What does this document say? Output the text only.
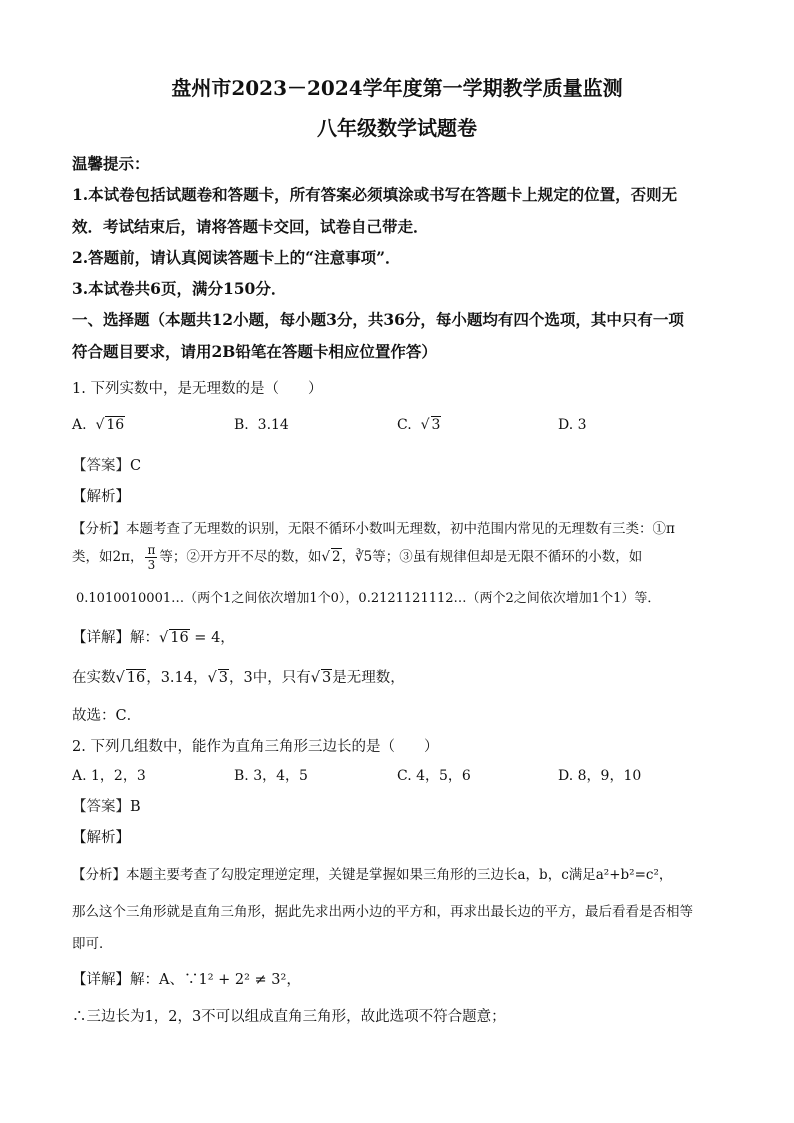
盘州市2023－2024学年度第一学期教学质量监测
八年级数学试题卷
温馨提示：
1.本试卷包括试题卷和答题卡，所有答案必须填涂或书写在答题卡上规定的位置，否则无
效．考试结束后，请将答题卡交回，试卷自己带走．
2.答题前，请认真阅读答题卡上的“注意事项”．
3.本试卷共6页，满分150分．
一、选择题（本题共12小题，每小题3分，共36分，每小题均有四个选项，其中只有一项
符合题目要求，请用2B铅笔在答题卡相应位置作答）
1. 下列实数中，是无理数的是（　　）
A.  √ 16	B. 3.14	C.  √ 3	D. 3
【答案】C
【解析】
【分析】本题考查了无理数的识别，无限不循环小数叫无理数，初中范围内常见的无理数有三类：①π
类，如2π， $\frac{\pi}{3}$ 等；②开方开不尽的数，如√ 2，∛5等；③虽有规律但却是无限不循环的小数，如
0.1010010001…（两个1之间依次增加1个0），0.2121121112…（两个2之间依次增加1个1）等．
【详解】解：√ 16 = 4，
在实数√ 16，3.14，√ 3，3中，只有√ 3是无理数，
故选：C．
2. 下列几组数中，能作为直角三角形三边长的是（　　）
A. 1，2，3	B. 3，4，5	C. 4，5，6	D. 8，9，10
【答案】B
【解析】
【分析】本题主要考查了勾股定理逆定理，关键是掌握如果三角形的三边长a，b，c满足a²+b²=c²，
那么这个三角形就是直角三角形，据此先求出两小边的平方和，再求出最长边的平方，最后看看是否相等
即可．
【详解】解：A、∵1² + 2² ≠ 3²，
∴三边长为1，2，3不可以组成直角三角形，故此选项不符合题意；
